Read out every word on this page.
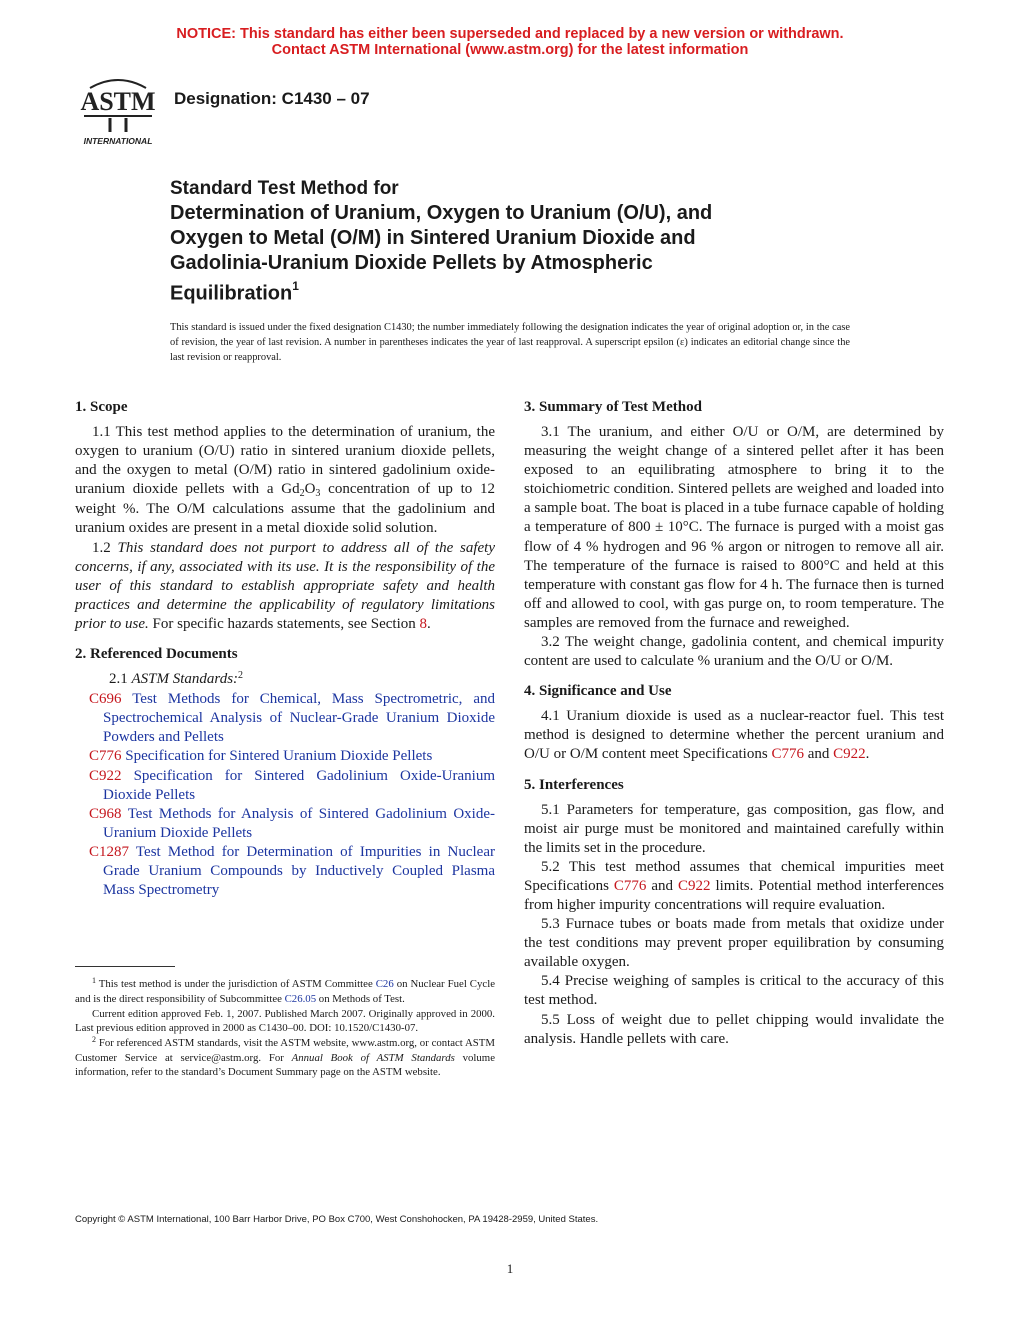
NOTICE: This standard has either been superseded and replaced by a new version or withdrawn.
Contact ASTM International (www.astm.org) for the latest information
ASTM
INTERNATIONAL
Designation: C1430 – 07
Standard Test Method for
Determination of Uranium, Oxygen to Uranium (O/U), and
Oxygen to Metal (O/M) in Sintered Uranium Dioxide and
Gadolinia-Uranium Dioxide Pellets by Atmospheric
Equilibration$^1$
This standard is issued under the fixed designation C1430; the number immediately following the designation indicates the year of original adoption or, in the case of revision, the year of last revision. A number in parentheses indicates the year of last reapproval. A superscript epsilon (ε) indicates an editorial change since the last revision or reapproval.
1. Scope

1.1 This test method applies to the determination of uranium, the oxygen to uranium (O/U) ratio in sintered uranium dioxide pellets, and the oxygen to metal (O/M) ratio in sintered gadolinium oxide-uranium dioxide pellets with a $Gd_2O_3$ concentration of up to 12 weight %. The O/M calculations assume that the gadolinium and uranium oxides are present in a metal dioxide solid solution.

1.2 This standard does not purport to address all of the safety concerns, if any, associated with its use. It is the responsibility of the user of this standard to establish appropriate safety and health practices and determine the applicability of regulatory limitations prior to use. For specific hazards statements, see Section 8.

2. Referenced Documents

2.1 ASTM Standards:$^2$

C696 Test Methods for Chemical, Mass Spectrometric, and Spectrochemical Analysis of Nuclear-Grade Uranium Dioxide Powders and Pellets

C776 Specification for Sintered Uranium Dioxide Pellets

C922 Specification for Sintered Gadolinium Oxide-Uranium Dioxide Pellets

C968 Test Methods for Analysis of Sintered Gadolinium Oxide-Uranium Dioxide Pellets

C1287 Test Method for Determination of Impurities in Nuclear Grade Uranium Compounds by Inductively Coupled Plasma Mass Spectrometry

3. Summary of Test Method

3.1 The uranium, and either O/U or O/M, are determined by measuring the weight change of a sintered pellet after it has been exposed to an equilibrating atmosphere to bring it to the stoichiometric condition. Sintered pellets are weighed and loaded into a sample boat. The boat is placed in a tube furnace capable of holding a temperature of 800 ± 10°C. The furnace is purged with a moist gas flow of 4 % hydrogen and 96 % argon or nitrogen to remove all air. The temperature of the furnace is raised to 800°C and held at this temperature with constant gas flow for 4 h. The furnace then is turned off and allowed to cool, with gas purge on, to room temperature. The samples are removed from the furnace and reweighed.

3.2 The weight change, gadolinia content, and chemical impurity content are used to calculate % uranium and the O/U or O/M.

4. Significance and Use

4.1 Uranium dioxide is used as a nuclear-reactor fuel. This test method is designed to determine whether the percent uranium and O/U or O/M content meet Specifications C776 and C922.

5. Interferences

5.1 Parameters for temperature, gas composition, gas flow, and moist air purge must be monitored and maintained carefully within the limits set in the procedure.

5.2 This test method assumes that chemical impurities meet Specifications C776 and C922 limits. Potential method interferences from higher impurity concentrations will require evaluation.

5.3 Furnace tubes or boats made from metals that oxidize under the test conditions may prevent proper equilibration by consuming available oxygen.

5.4 Precise weighing of samples is critical to the accuracy of this test method.

5.5 Loss of weight due to pellet chipping would invalidate the analysis. Handle pellets with care.

$^1$ This test method is under the jurisdiction of ASTM Committee C26 on Nuclear Fuel Cycle and is the direct responsibility of Subcommittee C26.05 on Methods of Test.

Current edition approved Feb. 1, 2007. Published March 2007. Originally approved in 2000. Last previous edition approved in 2000 as C1430–00. DOI: 10.1520/C1430-07.

$^2$ For referenced ASTM standards, visit the ASTM website, www.astm.org, or contact ASTM Customer Service at service@astm.org. For Annual Book of ASTM Standards volume information, refer to the standard’s Document Summary page on the ASTM website.

Copyright © ASTM International, 100 Barr Harbor Drive, PO Box C700, West Conshohocken, PA 19428-2959, United States.
1
